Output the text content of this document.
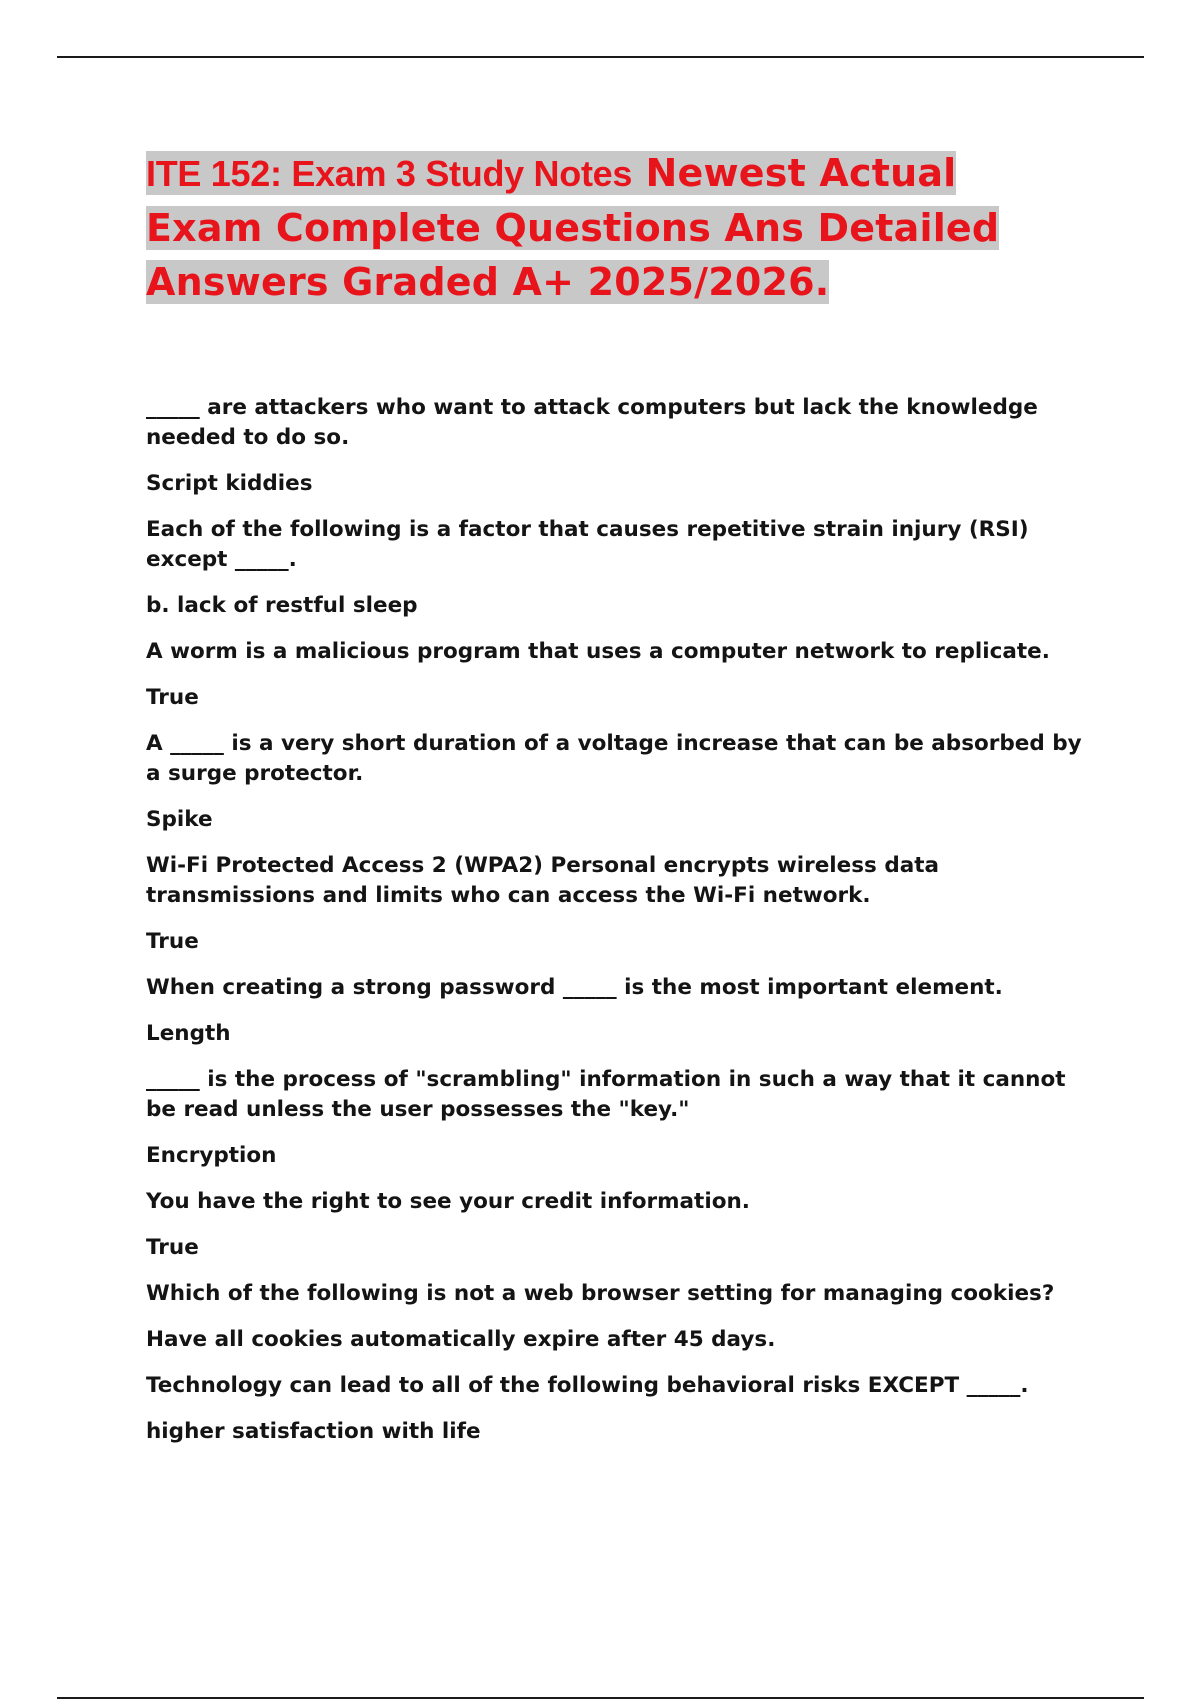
ITE 152: Exam 3 Study Notes Newest Actual Exam Complete Questions Ans Detailed Answers Graded A+ 2025/2026.

_____ are attackers who want to attack computers but lack the knowledge needed to do so.

Script kiddies

Each of the following is a factor that causes repetitive strain injury (RSI) except _____.

b. lack of restful sleep

A worm is a malicious program that uses a computer network to replicate.

True

A _____ is a very short duration of a voltage increase that can be absorbed by a surge protector.

Spike

Wi-Fi Protected Access 2 (WPA2) Personal encrypts wireless data transmissions and limits who can access the Wi-Fi network.

True

When creating a strong password _____ is the most important element.

Length

_____ is the process of "scrambling" information in such a way that it cannot be read unless the user possesses the "key."

Encryption

You have the right to see your credit information.

True

Which of the following is not a web browser setting for managing cookies?

Have all cookies automatically expire after 45 days.

Technology can lead to all of the following behavioral risks EXCEPT _____.

higher satisfaction with life
